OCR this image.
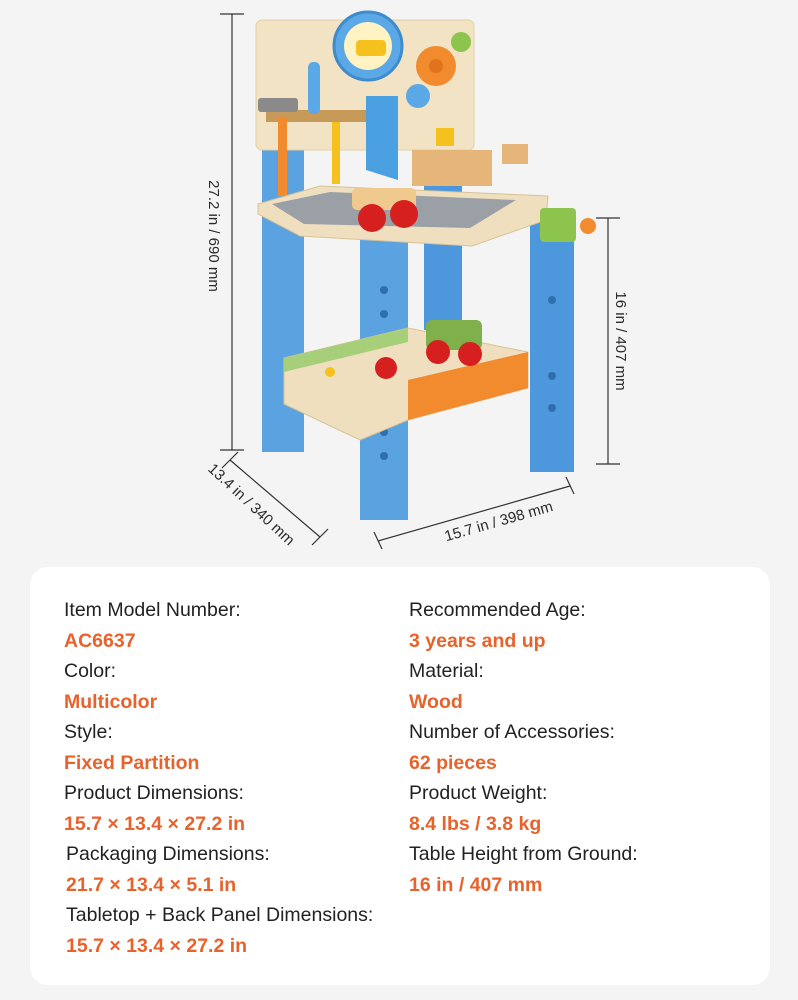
27.2 in / 690 mm
16 in / 407 mm
13.4 in / 340 mm	15.7 in / 398 mm
Item Model Number:
AC6637
Color:
Multicolor
Style:
Fixed Partition
Product Dimensions:
15.7 × 13.4 × 27.2 in
Packaging Dimensions:
21.7 × 13.4 × 5.1 in
Tabletop + Back Panel Dimensions:
15.7 × 13.4 × 27.2 in
Recommended Age:
3 years and up
Material:
Wood
Number of Accessories:
62 pieces
Product Weight:
8.4 lbs / 3.8 kg
Table Height from Ground:
16 in / 407 mm
